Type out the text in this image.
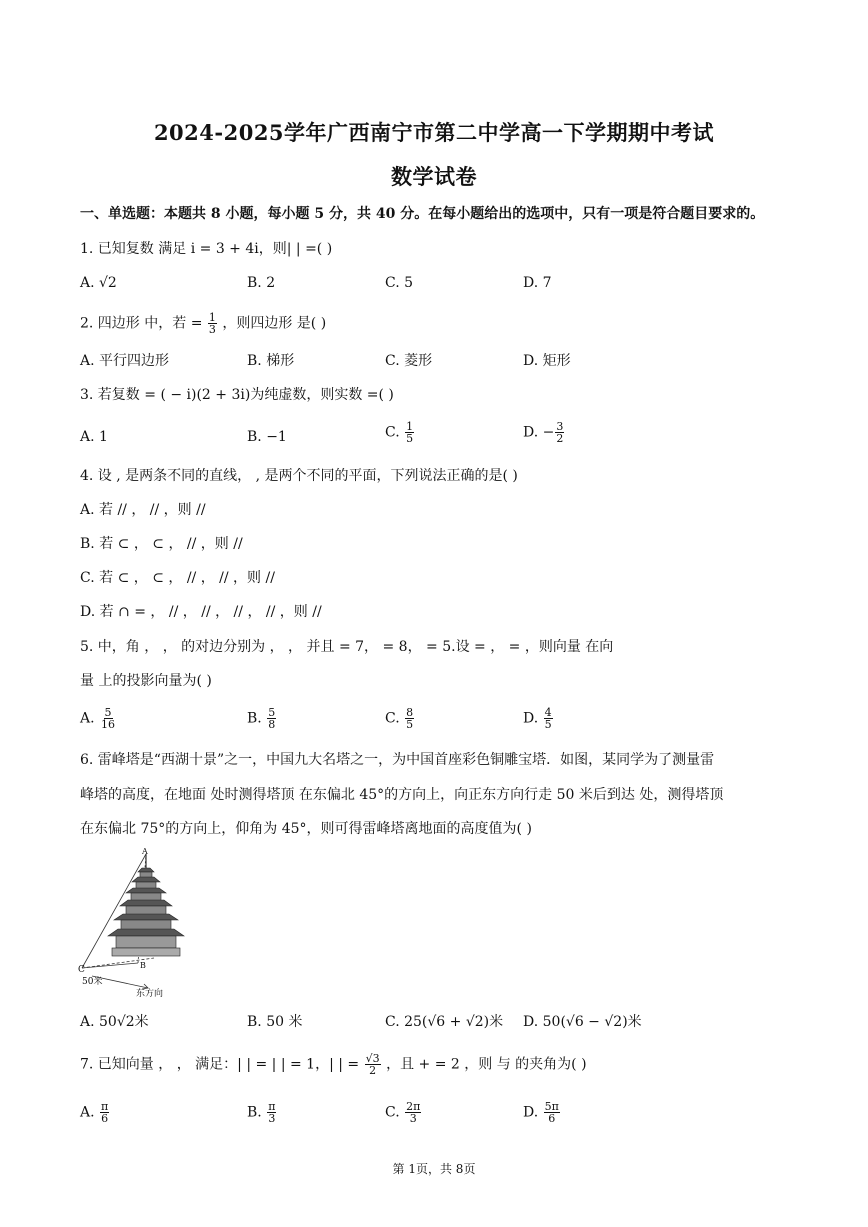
2024-2025学年广西南宁市第二中学高一下学期期中考试
数学试卷
一、单选题：本题共 8 小题，每小题 5 分，共 40 分。在每小题给出的选项中，只有一项是符合题目要求的。
1. 已知复数 满足 i = 3 + 4i，则| | =( )
A. √2	B. 2	C. 5	D. 7
2. 四边形 中，若 = $\frac{1}{3}$ ，则四边形 是( )
A. 平行四边形	B. 梯形	C. 菱形	D. 矩形
3. 若复数 = ( − i)(2 + 3i)为纯虚数，则实数 =( )
A. 1	B. −1	C. $\frac{1}{5}$	D. − $\frac{3}{2}$
4. 设 , 是两条不同的直线， , 是两个不同的平面，下列说法正确的是( )
A. 若 // ， // ，则 //
B. 若 ⊂ ， ⊂ ， // ，则 //
C. 若 ⊂ ， ⊂ ， // ， // ，则 //
D. 若 ∩ = ， // ， // ， // ， // ，则 //
5. 中，角 ， ， 的对边分别为 ， ， 并且 = 7， = 8， = 5.设 = ， = ，则向量 在向
量 上的投影向量为( )
A. $\frac{5}{16}$	B. $\frac{5}{8}$	C. $\frac{8}{5}$	D. $\frac{4}{5}$
6. 雷峰塔是“西湖十景”之一，中国九大名塔之一，为中国首座彩色铜雕宝塔．如图，某同学为了测量雷
峰塔的高度，在地面 处时测得塔顶 在东偏北 45°的方向上，向正东方向行走 50 米后到达 处，测得塔顶
在东偏北 75°的方向上，仰角为 45°，则可得雷峰塔离地面的高度值为( )
C	B
A
50米
东方向
A. 50√2米	B. 50 米	C. 25(√6 + √2)米 D. 50(√6 − √2)米
7. 已知向量 ， ， 满足：| | = | | = 1，| | = $\frac{√3}{2}$ ，且 + = 2 ，则 与 的夹角为( )
A. $\frac{\pi}{6}$	B. $\frac{\pi}{3}$	C. $\frac{2\pi}{3}$	D. $\frac{5\pi}{6}$
第 1页，共 8页
